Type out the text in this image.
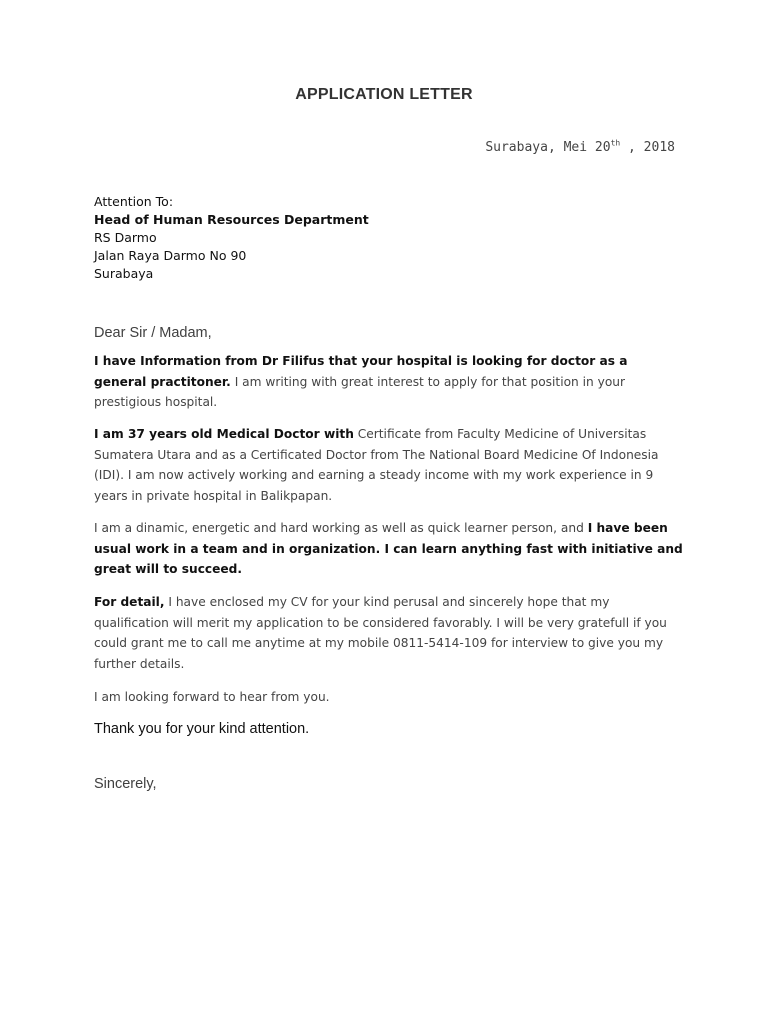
APPLICATION LETTER
Surabaya, Mei 20th , 2018
Attention To:
Head of Human Resources Department
RS Darmo
Jalan Raya Darmo No 90
Surabaya
Dear Sir / Madam,
I have Information from Dr Filifus that your hospital is looking for doctor as a general practitoner. I am writing with great interest to apply for that position in your prestigious hospital.
I am 37 years old Medical Doctor with Certificate from Faculty Medicine of Universitas Sumatera Utara and as a Certificated Doctor from The National Board Medicine Of Indonesia (IDI). I am now actively working and earning a steady income with my work experience in 9 years in private hospital in Balikpapan.
I am a dinamic, energetic and hard working as well as quick learner person, and I have been usual work in a team and in organization. I can learn anything fast with initiative and great will to succeed.
For detail, I have enclosed my CV for your kind perusal and sincerely hope that my qualification will merit my application to be considered favorably. I will be very gratefull if you could grant me to call me anytime at my mobile 0811-5414-109 for interview to give you my further details.
I am looking forward to hear from you.
Thank you for your kind attention.
Sincerely,
